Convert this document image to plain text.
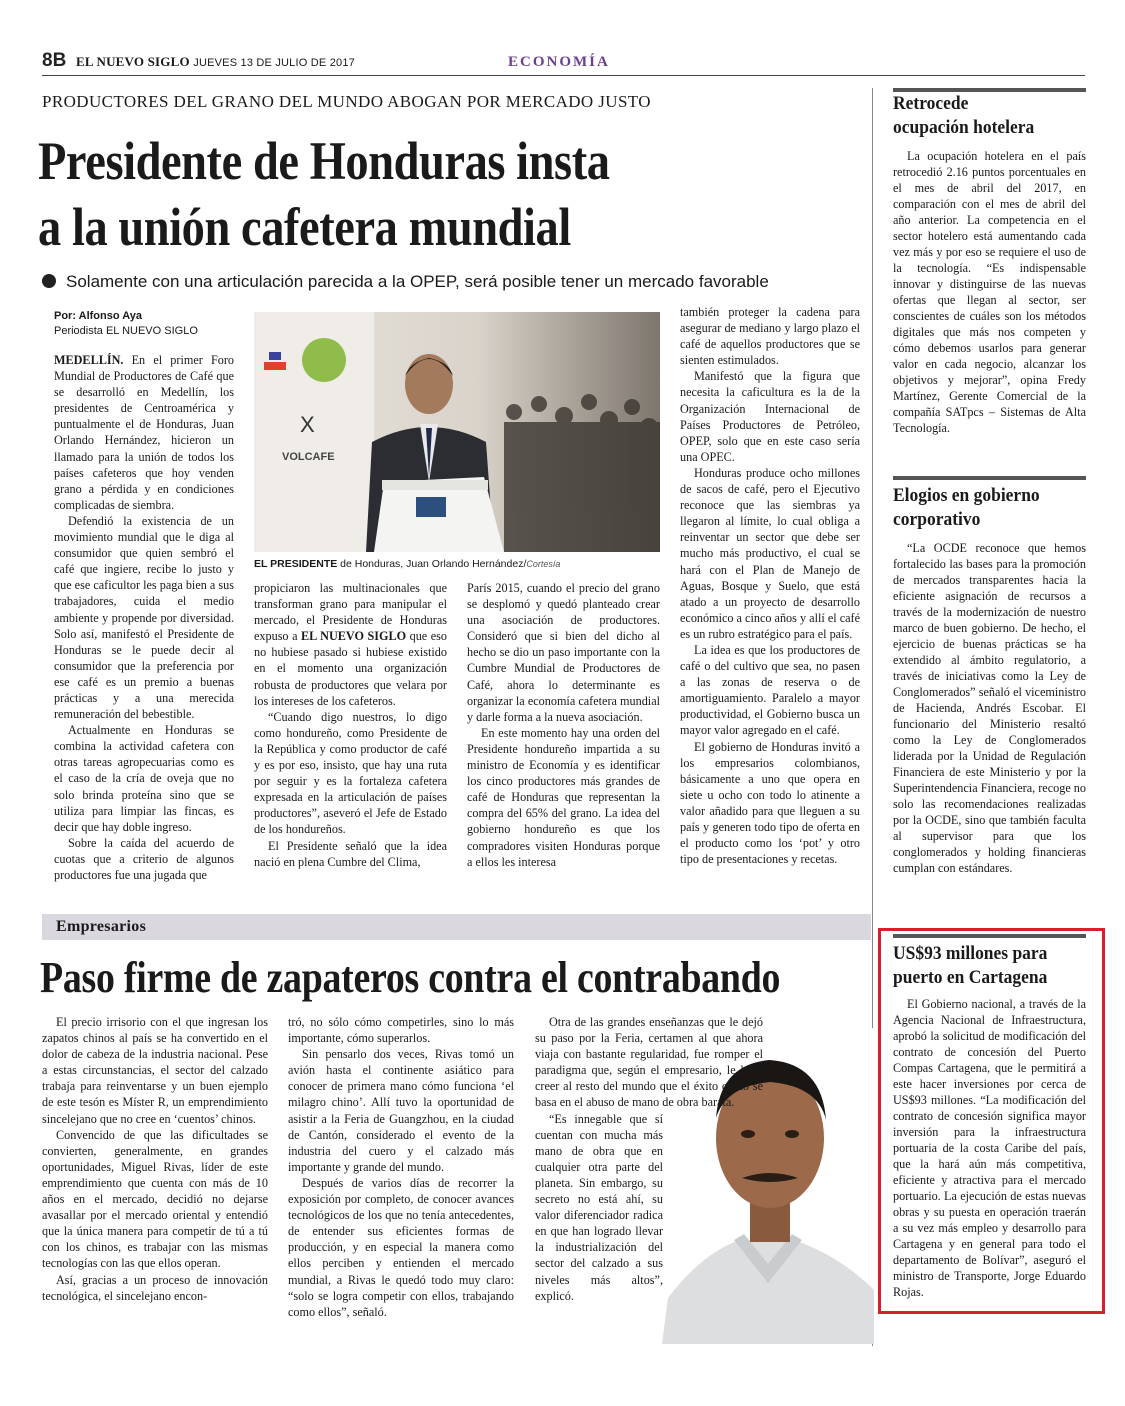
8B EL NUEVO SIGLO JUEVES 13 DE JULIO DE 2017	ECONOMÍA
PRODUCTORES DEL GRANO DEL MUNDO ABOGAN POR MERCADO JUSTO
Presidente de Honduras insta
a la unión cafetera mundial
Solamente con una articulación parecida a la OPEP, será posible tener un mercado favorable
Por: Alfonso Aya
Periodista EL NUEVO SIGLO

MEDELLÍN. En el primer Foro Mundial de Productores de Café que se desarrolló en Medellín, los presidentes de Centroamérica y puntualmente el de Honduras, Juan Orlando Hernández, hicieron un llamado para la unión de todos los países cafeteros que hoy venden grano a pérdida y en condiciones complicadas de siembra.

Defendió la existencia de un movimiento mundial que le diga al consumidor que quien sembró el café que ingiere, recibe lo justo y que ese caficultor les paga bien a sus trabajadores, cuida el medio ambiente y propende por diversidad. Solo así, manifestó el Presidente de Honduras se le puede decir al consumidor que la preferencia por ese café es un premio a buenas prácticas y a una merecida remuneración del bebestible.

Actualmente en Honduras se combina la actividad cafetera con otras tareas agropecuarias como es el caso de la cría de oveja que no solo brinda proteína sino que se utiliza para limpiar las fincas, es decir que hay doble ingreso.

Sobre la caída del acuerdo de cuotas que a criterio de algunos productores fue una jugada que

X
VOLCAFE
EL PRESIDENTE de Honduras, Juan Orlando Hernández/Cortesía

propiciaron las multinacionales que transforman grano para manipular el mercado, el Presidente de Honduras expuso a EL NUEVO SIGLO que eso no hubiese pasado si hubiese existido en el momento una organización robusta de productores que velara por los intereses de los cafeteros.

“Cuando digo nuestros, lo digo como hondureño, como Presidente de la República y como productor de café y es por eso, insisto, que hay una ruta por seguir y es la fortaleza cafetera expresada en la articulación de países productores”, aseveró el Jefe de Estado de los hondureños.

El Presidente señaló que la idea nació en plena Cumbre del Clima,

París 2015, cuando el precio del grano se desplomó y quedó planteado crear una asociación de productores. Consideró que si bien del dicho al hecho se dio un paso importante con la Cumbre Mundial de Productores de Café, ahora lo determinante es organizar la economía cafetera mundial y darle forma a la nueva asociación.

En este momento hay una orden del Presidente hondureño impartida a su ministro de Economía y es identificar los cinco productores más grandes de café de Honduras que representan la compra del 65% del grano. La idea del gobierno hondureño es que los compradores visiten Honduras porque a ellos les interesa

también proteger la cadena para asegurar de mediano y largo plazo el café de aquellos productores que se sienten estimulados.

Manifestó que la figura que necesita la caficultura es la de la Organización Internacional de Países Productores de Petróleo, OPEP, solo que en este caso sería una OPEC.

Honduras produce ocho millones de sacos de café, pero el Ejecutivo reconoce que las siembras ya llegaron al límite, lo cual obliga a reinventar un sector que debe ser mucho más productivo, el cual se hará con el Plan de Manejo de Aguas, Bosque y Suelo, que está atado a un proyecto de desarrollo económico a cinco años y allí el café es un rubro estratégico para el país.

La idea es que los productores de café o del cultivo que sea, no pasen a las zonas de reserva o de amortiguamiento. Paralelo a mayor productividad, el Gobierno busca un mayor valor agregado en el café.

El gobierno de Honduras invitó a los empresarios colombianos, básicamente a uno que opera en siete u ocho con todo lo atinente a valor añadido para que lleguen a su país y generen todo tipo de oferta en el producto como los ‘pot’ y otro tipo de presentaciones y recetas.

Retrocede
ocupación hotelera

La ocupación hotelera en el país retrocedió 2.16 puntos porcentuales en el mes de abril del 2017, en comparación con el mes de abril del año anterior. La competencia en el sector hotelero está aumentando cada vez más y por eso se requiere el uso de la tecnología. “Es indispensable innovar y distinguirse de las nuevas ofertas que llegan al sector, ser conscientes de cuáles son los métodos digitales que más nos competen y cómo debemos usarlos para generar valor en cada negocio, alcanzar los objetivos y mejorar”, opina Fredy Martínez, Gerente Comercial de la compañía SATpcs – Sistemas de Alta Tecnología.

Elogios en gobierno
corporativo

“La OCDE reconoce que hemos fortalecido las bases para la promoción de mercados transparentes hacia la eficiente asignación de recursos a través de la modernización de nuestro marco de buen gobierno. De hecho, el ejercicio de buenas prácticas se ha extendido al ámbito regulatorio, a través de iniciativas como la Ley de Conglomerados” señaló el viceministro de Hacienda, Andrés Escobar. El funcionario del Ministerio resaltó como la Ley de Conglomerados liderada por la Unidad de Regulación Financiera de este Ministerio y por la Superintendencia Financiera, recoge no solo las recomendaciones realizadas por la OCDE, sino que también faculta al supervisor para que los conglomerados y holding financieras cumplan con estándares.

US$93 millones para
puerto en Cartagena

El Gobierno nacional, a través de la Agencia Nacional de Infraestructura, aprobó la solicitud de modificación del contrato de concesión del Puerto Compas Cartagena, que le permitirá a este hacer inversiones por cerca de US$93 millones. “La modificación del contrato de concesión significa mayor inversión para la infraestructura portuaria de la costa Caribe del país, que la hará aún más competitiva, eficiente y atractiva para el mercado portuario. La ejecución de estas nuevas obras y su puesta en operación traerán a su vez más empleo y desarrollo para Cartagena y en general para todo el departamento de Bolívar”, aseguró el ministro de Transporte, Jorge Eduardo Rojas.

Empresarios
Paso firme de zapateros contra el contrabando

El precio irrisorio con el que ingresan los zapatos chinos al país se ha convertido en el dolor de cabeza de la industria nacional. Pese a estas circunstancias, el sector del calzado trabaja para reinventarse y un buen ejemplo de este tesón es Míster R, un emprendimiento sincelejano que no cree en ‘cuentos’ chinos.

Convencido de que las dificultades se convierten, generalmente, en grandes oportunidades, Miguel Rivas, líder de este emprendimiento que cuenta con más de 10 años en el mercado, decidió no dejarse avasallar por el mercado oriental y entendió que la única manera para competir de tú a tú con los chinos, es trabajar con las mismas tecnologías con las que ellos operan.

Así, gracias a un proceso de innovación tecnológica, el sincelejano encon-

tró, no sólo cómo competirles, sino lo más importante, cómo superarlos.

Sin pensarlo dos veces, Rivas tomó un avión hasta el continente asiático para conocer de primera mano cómo funciona ‘el milagro chino’. Allí tuvo la oportunidad de asistir a la Feria de Guangzhou, en la ciudad de Cantón, considerado el evento de la industria del cuero y el calzado más importante y grande del mundo.

Después de varios días de recorrer la exposición por completo, de conocer avances tecnológicos de los que no tenía antecedentes, de entender sus eficientes formas de producción, y en especial la manera como ellos perciben y entienden el mercado mundial, a Rivas le quedó todo muy claro: “solo se logra competir con ellos, trabajando como ellos”, señaló.

Otra de las grandes enseñanzas que le dejó su paso por la Feria, certamen al que ahora viaja con bastante regularidad, fue romper el paradigma que, según el empresario, le hace creer al resto del mundo que el éxito chino se basa en el abuso de mano de obra barata.

“Es innegable que sí cuentan con mucha más mano de obra que en cualquier otra parte del planeta. Sin embargo, su secreto no está ahí, su valor diferenciador radica en que han logrado llevar la industrialización del sector del calzado a sus niveles más altos”, explicó.
